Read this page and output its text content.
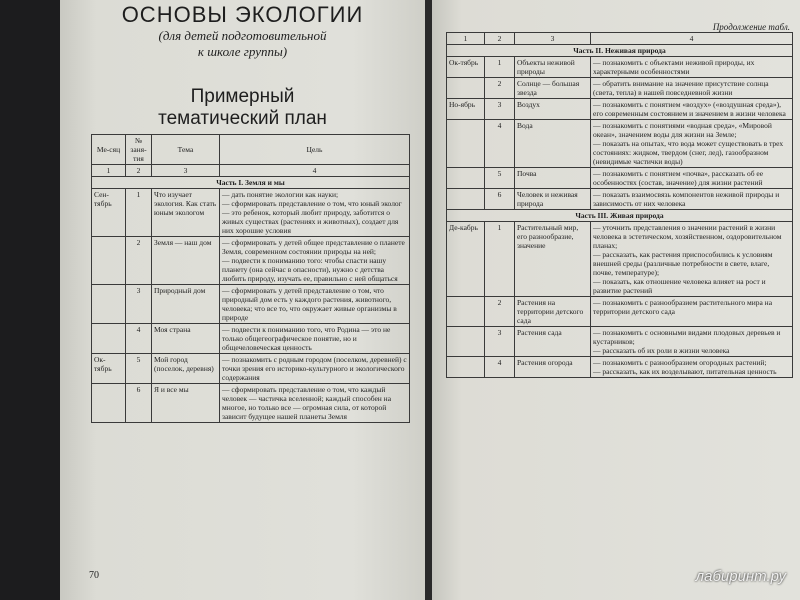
ОСНОВЫ ЭКОЛОГИИ
(для детей подготовительной
к школе группы)
Примерный
тематический план
Ме-сяц	№ заня-тия	Тема	Цель
1	2	3	4
Часть I. Земля и мы			
Сен-тябрь	1	Что изучает экология. Как стать юным экологом	— дать понятие экологии как науки;
— сформировать представление о том, что юный эколог — это ребенок, который любит природу, заботится о живых существах (растениях и животных), создает для них хорошие условия
	2	Земля — наш дом	— сформировать у детей общее представление о планете Земля, современном состоянии природы на ней;
— подвести к пониманию того: чтобы спасти нашу планету (она сейчас в опасности), нужно с детства любить природу, изучать ее, правильно с ней общаться
	3	Природный дом	— сформировать у детей представление о том, что природный дом есть у каждого растения, животного, человека; что все то, что окружает живые организмы в природе
	4	Моя страна	— подвести к пониманию того, что Родина — это не только общегеографическое понятие, но и общечеловеческая ценность
Ок-тябрь	5	Мой город (поселок, деревня)	— познакомить с родным городом (поселком, деревней) с точки зрения его историко-культурного и экологического содержания
	6	Я и все мы	— сформировать представление о том, что каждый человек — частичка вселенной; каждый способен на многое, но только все — огромная сила, от которой зависит будущее нашей планеты Земля
70
Продолжение табл.
1	2	3	4
Часть II. Неживая природа			
Ок-тябрь	1	Объекты неживой природы	— познакомить с объектами неживой природы, их характерными особенностями
	2	Солнце — большая звезда	— обратить внимание на значение присутствие солнца (света, тепла) в нашей повседневной жизни
Но-ябрь	3	Воздух	— познакомить с понятием «воздух» («воздушная среда»), его современным состоянием и значением в жизни человека
	4	Вода	— познакомить с понятиями «водная среда», «Мировой океан», значением воды для жизни на Земле;
— показать на опытах, что вода может существовать в трех состояниях: жидком, твердом (снег, лед), газообразном (невидимые частички воды)
	5	Почва	— познакомить с понятием «почва», рассказать об ее особенностях (состав, значение) для жизни растений
	6	Человек и неживая природа	— показать взаимосвязь компонентов неживой природы и зависимость от них человека
Часть III. Живая природа			
Де-кабрь	1	Растительный мир, его разнообразие, значение	— уточнить представления о значении растений в жизни человека в эстетическом, хозяйственном, оздоровительном планах;
— рассказать, как растения приспособились к условиям внешней среды (различные потребности в свете, влаге, почве, температуре);
— показать, как отношение человека влияет на рост и развитие растений
	2	Растения на территории детского сада	— познакомить с разнообразием растительного мира на территории детского сада
	3	Растения сада	— познакомить с основными видами плодовых деревьев и кустарников;
— рассказать об их роли в жизни человека
	4	Растения огорода	— познакомить с разнообразием огородных растений;
— рассказать, как их возделывают, питательная ценность
лабиринт.ру
